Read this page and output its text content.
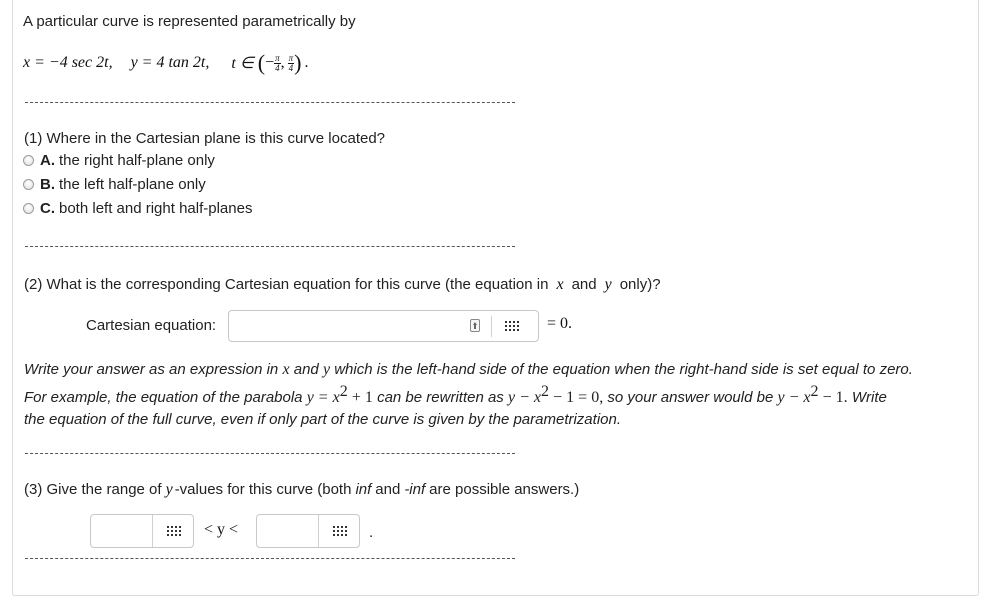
A particular curve is represented parametrically by
x = −4 sec 2t, y = 4 tan 2t, t ∈ ( − $\frac{\pi}{4}$ , $\frac{\pi}{4}$ ) .
(1) Where in the Cartesian plane is this curve located?
A. the right half-plane only
B. the left half-plane only
C. both left and right half-planes
(2) What is the corresponding Cartesian equation for this curve (the equation in x and y only)?
Cartesian equation:	= 0.
Write your answer as an expression in x and y which is the left-hand side of the equation when the right-hand side is set equal to zero.
For example, the equation of the parabola $y = x^2 + 1$ can be rewritten as $y - x^2 - 1 = 0$, so your answer would be $y - x^2 - 1$. Write
the equation of the full curve, even if only part of the curve is given by the parametrization.
(3) Give the range of y -values for this curve (both inf and -inf are possible answers.)
< y <	.
